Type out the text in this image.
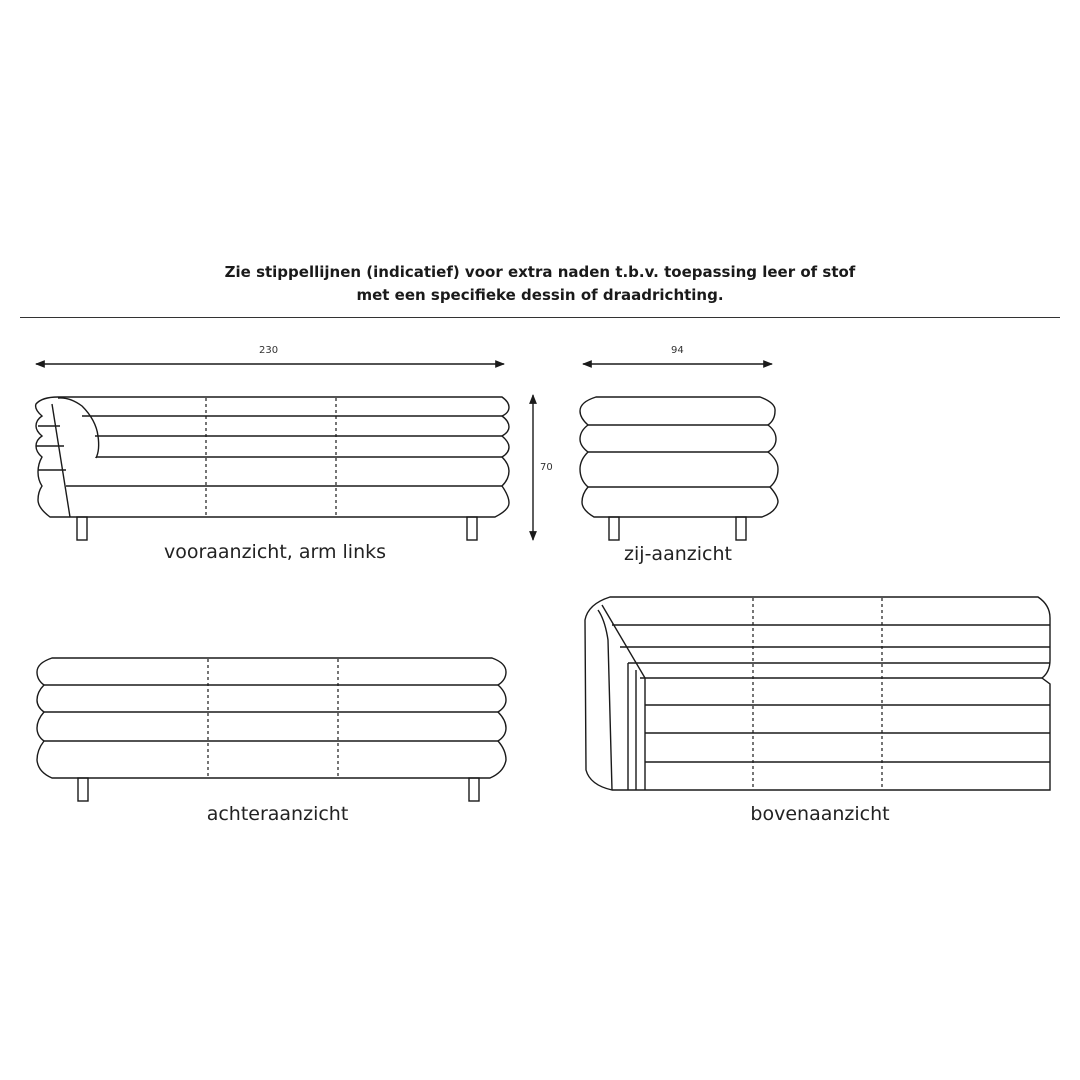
Zie stippellijnen (indicatief) voor extra naden t.b.v. toepassing leer of stof
met een specifieke dessin of draadrichting.
230	94
70
vooraanzicht, arm links	zij-aanzicht
achteraanzicht	bovenaanzicht
